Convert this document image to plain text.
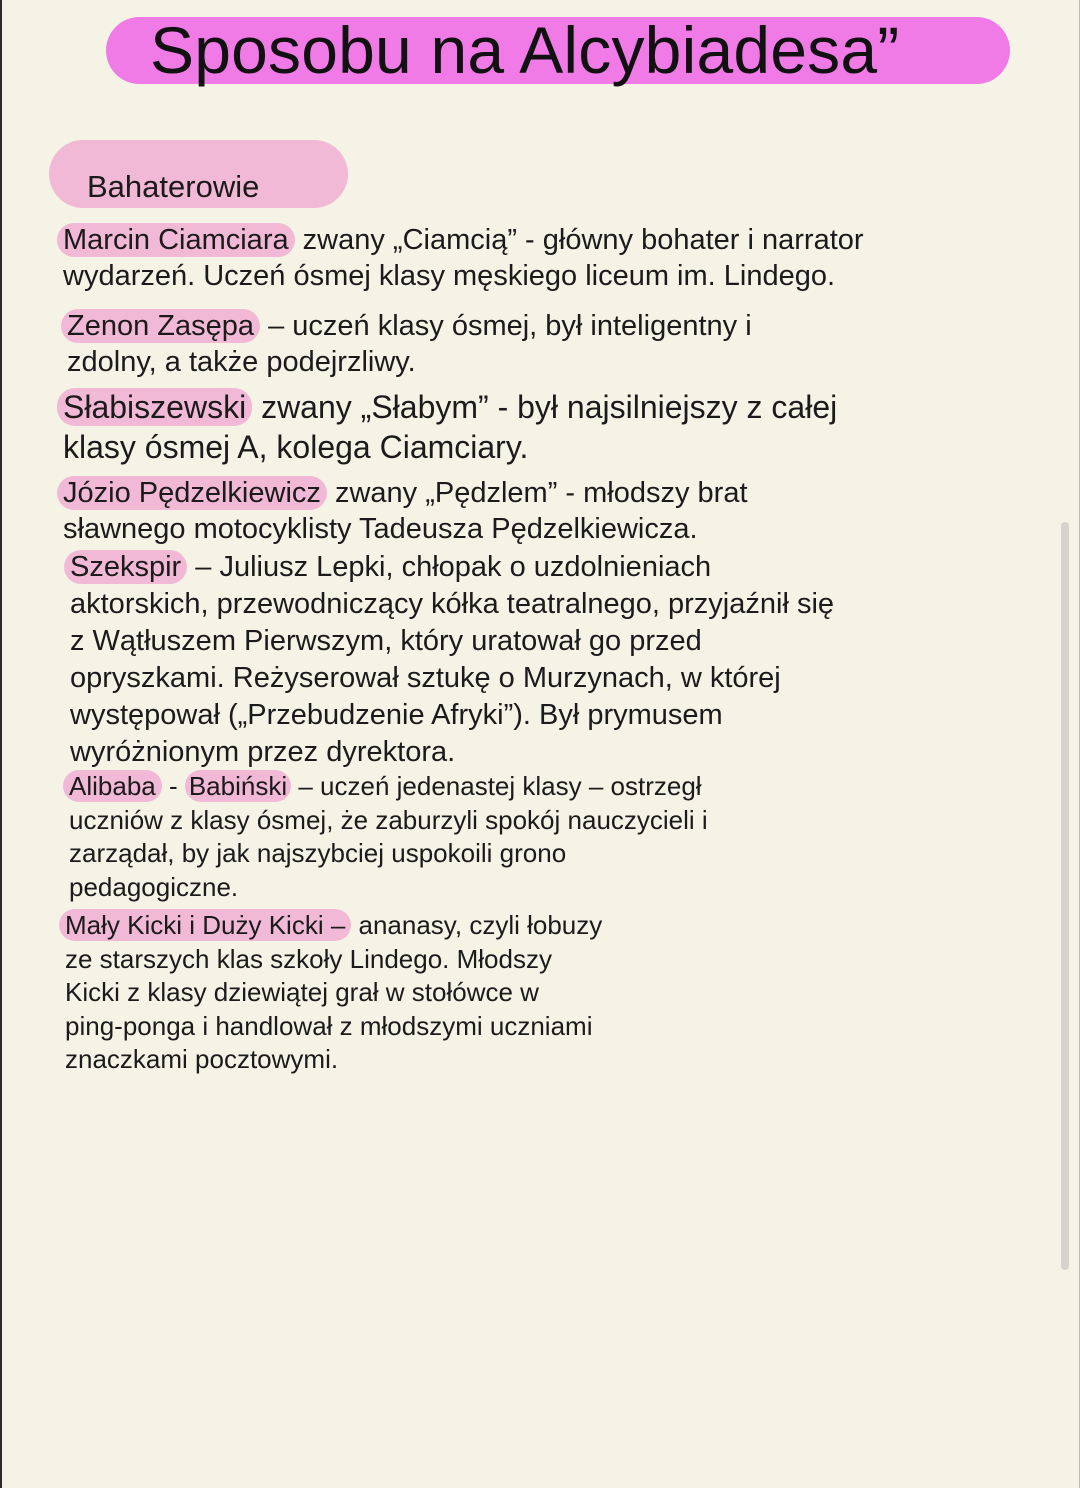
Sposobu na Alcybiadesa”
Bahaterowie

Marcin Ciamciara zwany „Ciamcią” - główny bohater i narrator
wydarzeń. Uczeń ósmej klasy męskiego liceum im. Lindego.

Zenon Zasępa – uczeń klasy ósmej, był inteligentny i
zdolny, a także podejrzliwy.

Słabiszewski zwany „Słabym” - był najsilniejszy z całej
klasy ósmej A, kolega Ciamciary.

Józio Pędzelkiewicz zwany „Pędzlem” - młodszy brat
sławnego motocyklisty Tadeusza Pędzelkiewicza.

Szekspir – Juliusz Lepki, chłopak o uzdolnieniach
aktorskich, przewodniczący kółka teatralnego, przyjaźnił się
z Wątłuszem Pierwszym, który uratował go przed
opryszkami. Reżyserował sztukę o Murzynach, w której
występował („Przebudzenie Afryki”). Był prymusem
wyróżnionym przez dyrektora.

Alibaba - Babiński – uczeń jedenastej klasy – ostrzegł
uczniów z klasy ósmej, że zaburzyli spokój nauczycieli i
zarządał, by jak najszybciej uspokoili grono
pedagogiczne.

Mały Kicki i Duży Kicki – ananasy, czyli łobuzy
ze starszych klas szkoły Lindego. Młodszy
Kicki z klasy dziewiątej grał w stołówce w
ping-ponga i handlował z młodszymi uczniami
znaczkami pocztowymi.
